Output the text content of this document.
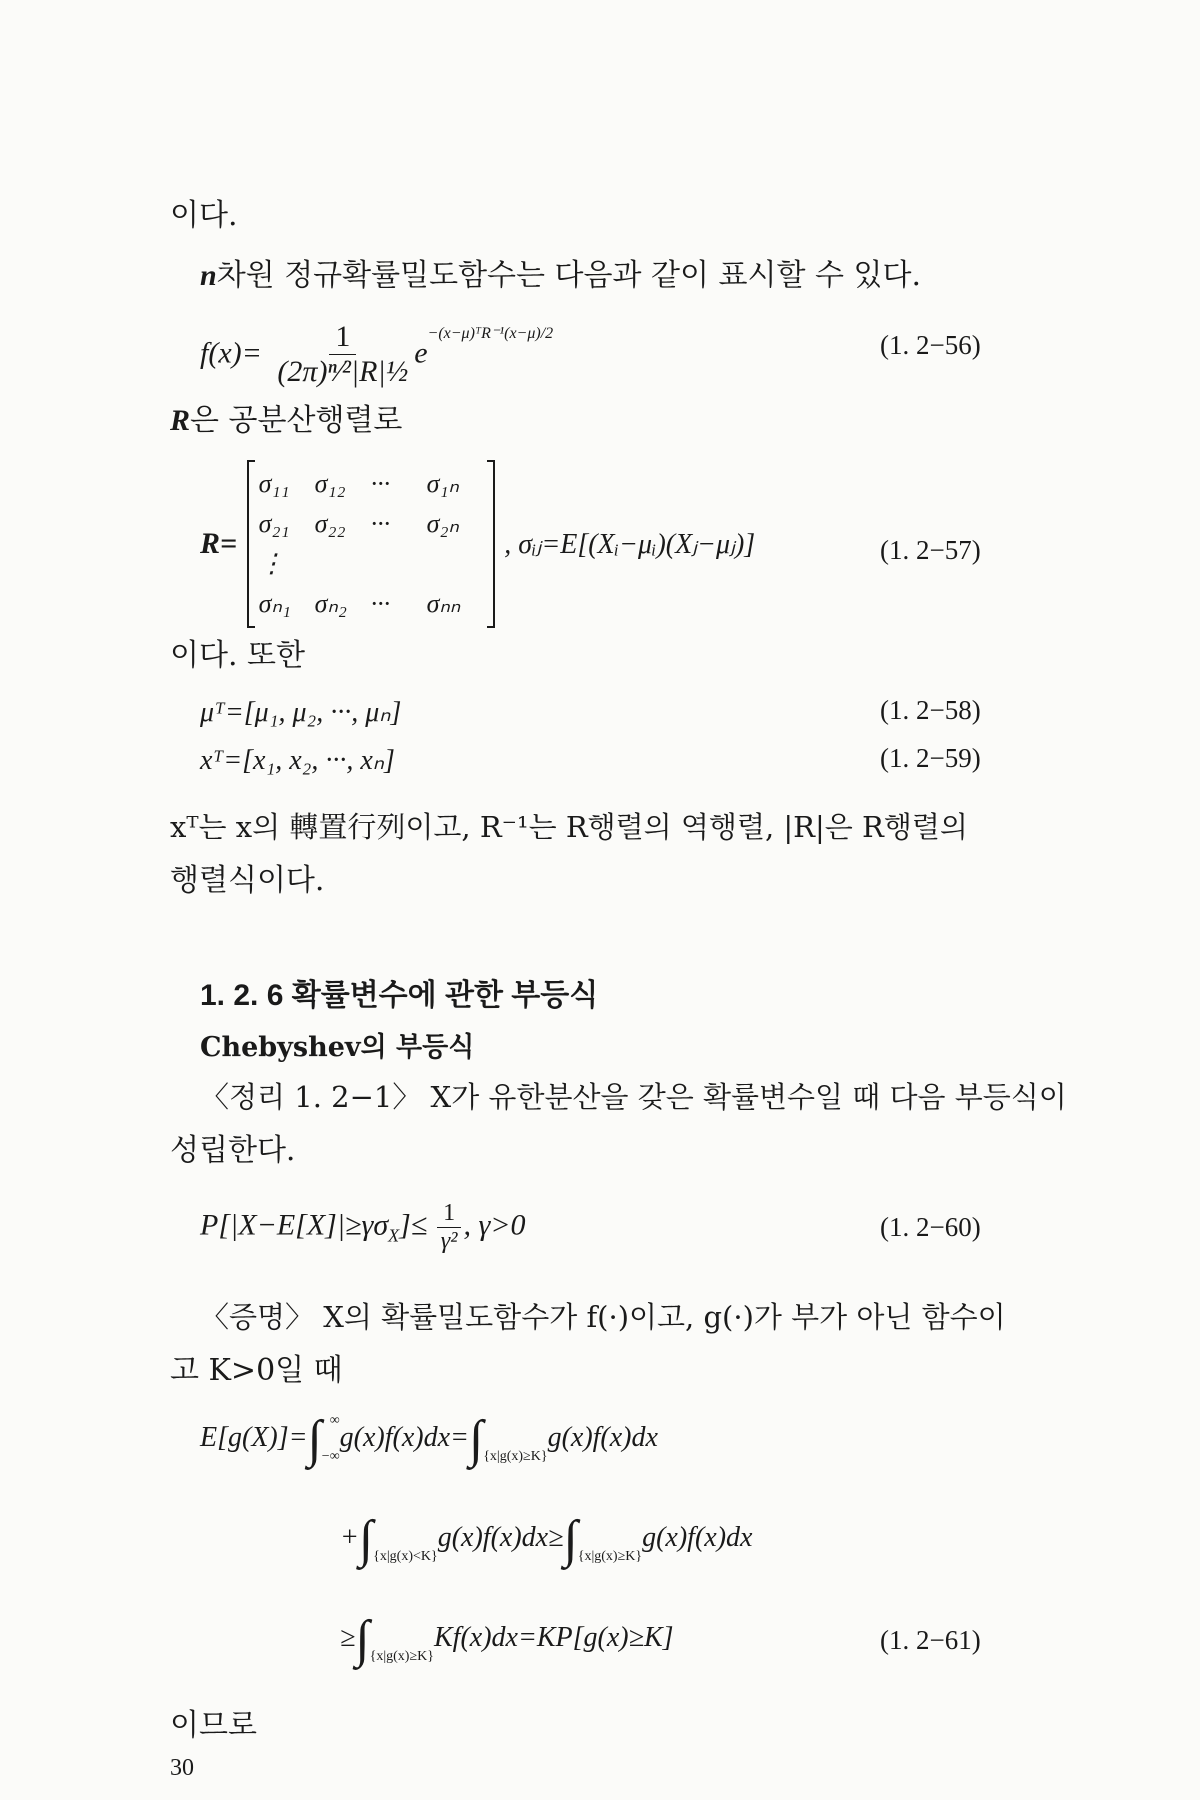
이다.
n차원 정규확률밀도함수는 다음과 같이 표시할 수 있다.
$f(x)= \frac{1}{\text{(2π)ⁿ⁄²|R|½}} e^{-(x-\mu)ᵀR^{-1}(x-\mu)/2}$	(1. 2−56)
R은 공분산행렬로
R=
σ₁₁ σ₁₂ ··· σ₁ₙ
σ₂₁ σ₂₂ ··· σ₂ₙ
⋮
σₙ₁ σₙ₂ ··· σₙₙ
, σᵢⱼ=E[(Xᵢ−μᵢ)(Xⱼ−μⱼ)]	(1. 2−57)
이다. 또한
μᵀ=[μ₁, μ₂, ···, μₙ]	(1. 2−58)
xᵀ=[x₁, x₂, ···, xₙ]	(1. 2−59)
xᵀ는 x의 轉置行列이고, R⁻¹는 R행렬의 역행렬, |R|은 R행렬의
행렬식이다.
1. 2. 6 확률변수에 관한 부등식
Chebyshev의 부등식
〈정리 1. 2−1〉 X가 유한분산을 갖은 확률변수일 때 다음 부등식이
성립한다.
$P[|X-E[X]|\ge\gamma\sigma_X]\le \frac{1}{\text{γ²}}$ , γ>0	(1. 2−60)
〈증명〉 X의 확률밀도함수가 f(·)이고, g(·)가 부가 아닌 함수이
고 K>0일 때
$E[g(X)]=\int_{-\infty}^\infty g(x)f(x)dx=\int_{\{x|g(x)\ge K\}}g(x)f(x)dx$
$+\int_{\{x|g(x)<K\}}g(x)f(x)dx\ge\int_{\{x|g(x)\ge K\}}g(x)f(x)dx$
$\ge\int_{\{x|g(x)\ge K\}}Kf(x)dx=KP[g(x)\ge K]$	(1. 2−61)
이므로
30
